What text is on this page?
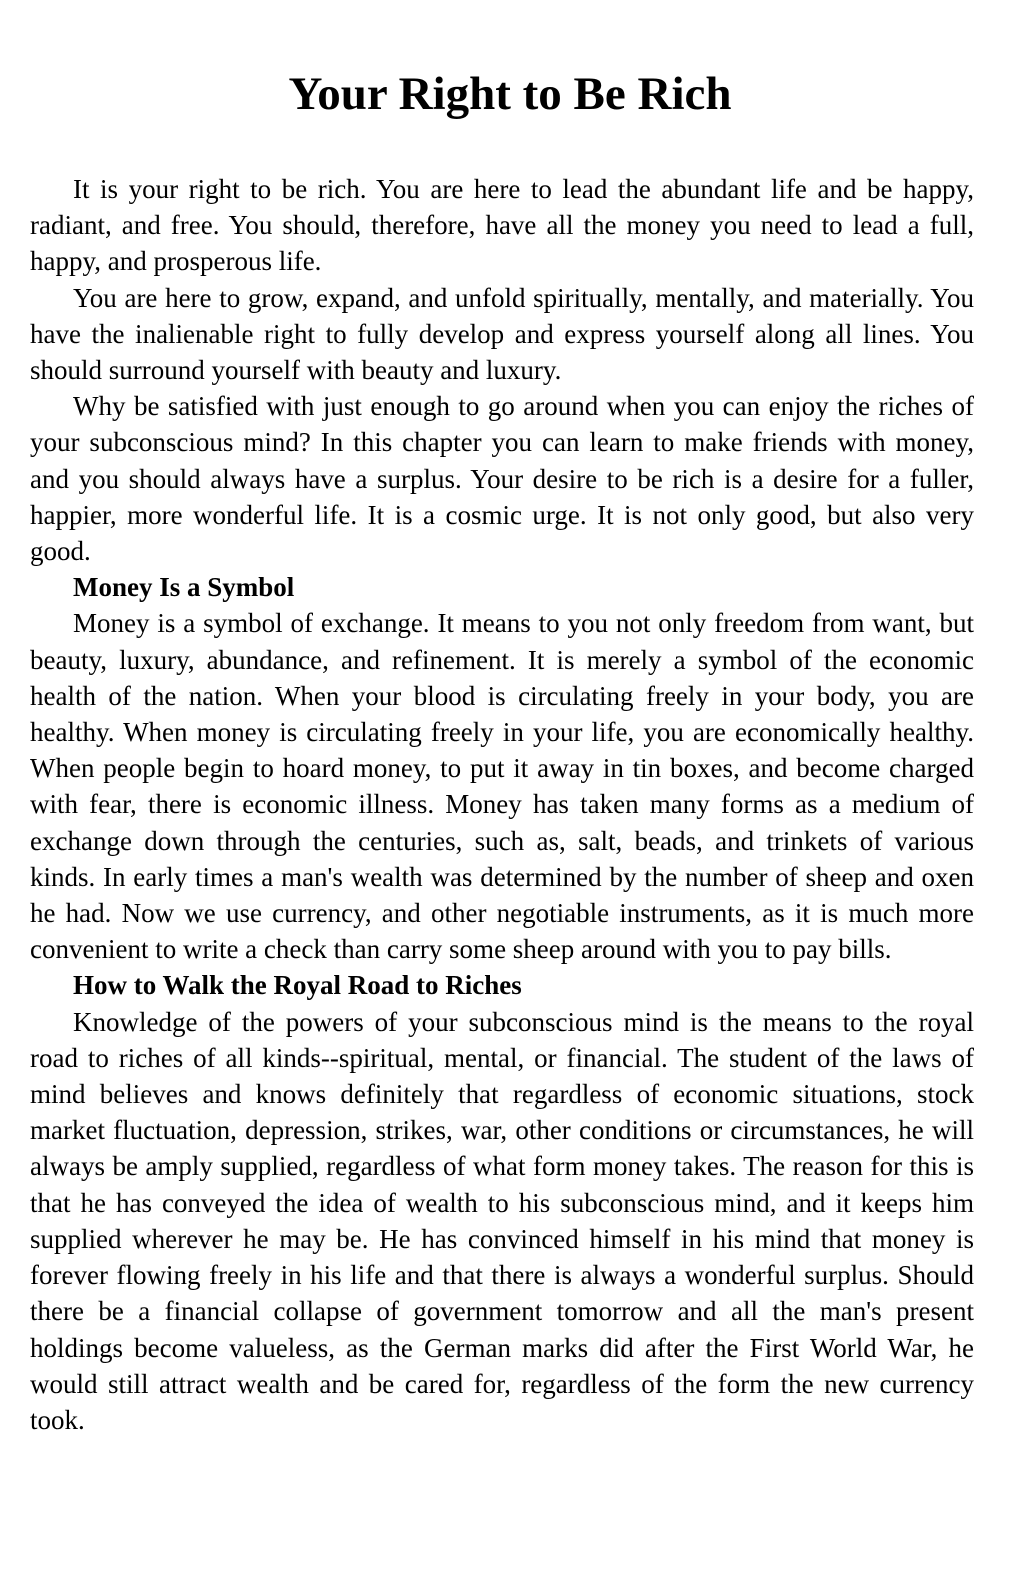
Your Right to Be Rich

It is your right to be rich. You are here to lead the abundant life and be happy, radiant, and free. You should, therefore, have all the money you need to lead a full, happy, and prosperous life.

You are here to grow, expand, and unfold spiritually, mentally, and materially. You have the inalienable right to fully develop and express yourself along all lines. You should surround yourself with beauty and luxury.

Why be satisfied with just enough to go around when you can enjoy the riches of your subconscious mind? In this chapter you can learn to make friends with money, and you should always have a surplus. Your desire to be rich is a desire for a fuller, happier, more wonderful life. It is a cosmic urge. It is not only good, but also very good.

Money Is a Symbol

Money is a symbol of exchange. It means to you not only freedom from want, but beauty, luxury, abundance, and refinement. It is merely a symbol of the economic health of the nation. When your blood is circulating freely in your body, you are healthy. When money is circulating freely in your life, you are economically healthy. When people begin to hoard money, to put it away in tin boxes, and become charged with fear, there is economic illness. Money has taken many forms as a medium of exchange down through the centuries, such as, salt, beads, and trinkets of various kinds. In early times a man's wealth was determined by the number of sheep and oxen he had. Now we use currency, and other negotiable instruments, as it is much more convenient to write a check than carry some sheep around with you to pay bills.

How to Walk the Royal Road to Riches

Knowledge of the powers of your subconscious mind is the means to the royal road to riches of all kinds--spiritual, mental, or financial. The student of the laws of mind believes and knows definitely that regardless of economic situations, stock market fluctuation, depression, strikes, war, other conditions or circumstances, he will always be amply supplied, regardless of what form money takes. The reason for this is that he has conveyed the idea of wealth to his subconscious mind, and it keeps him supplied wherever he may be. He has convinced himself in his mind that money is forever flowing freely in his life and that there is always a wonderful surplus. Should there be a financial collapse of government tomorrow and all the man's present holdings become valueless, as the German marks did after the First World War, he would still attract wealth and be cared for, regardless of the form the new currency took.
